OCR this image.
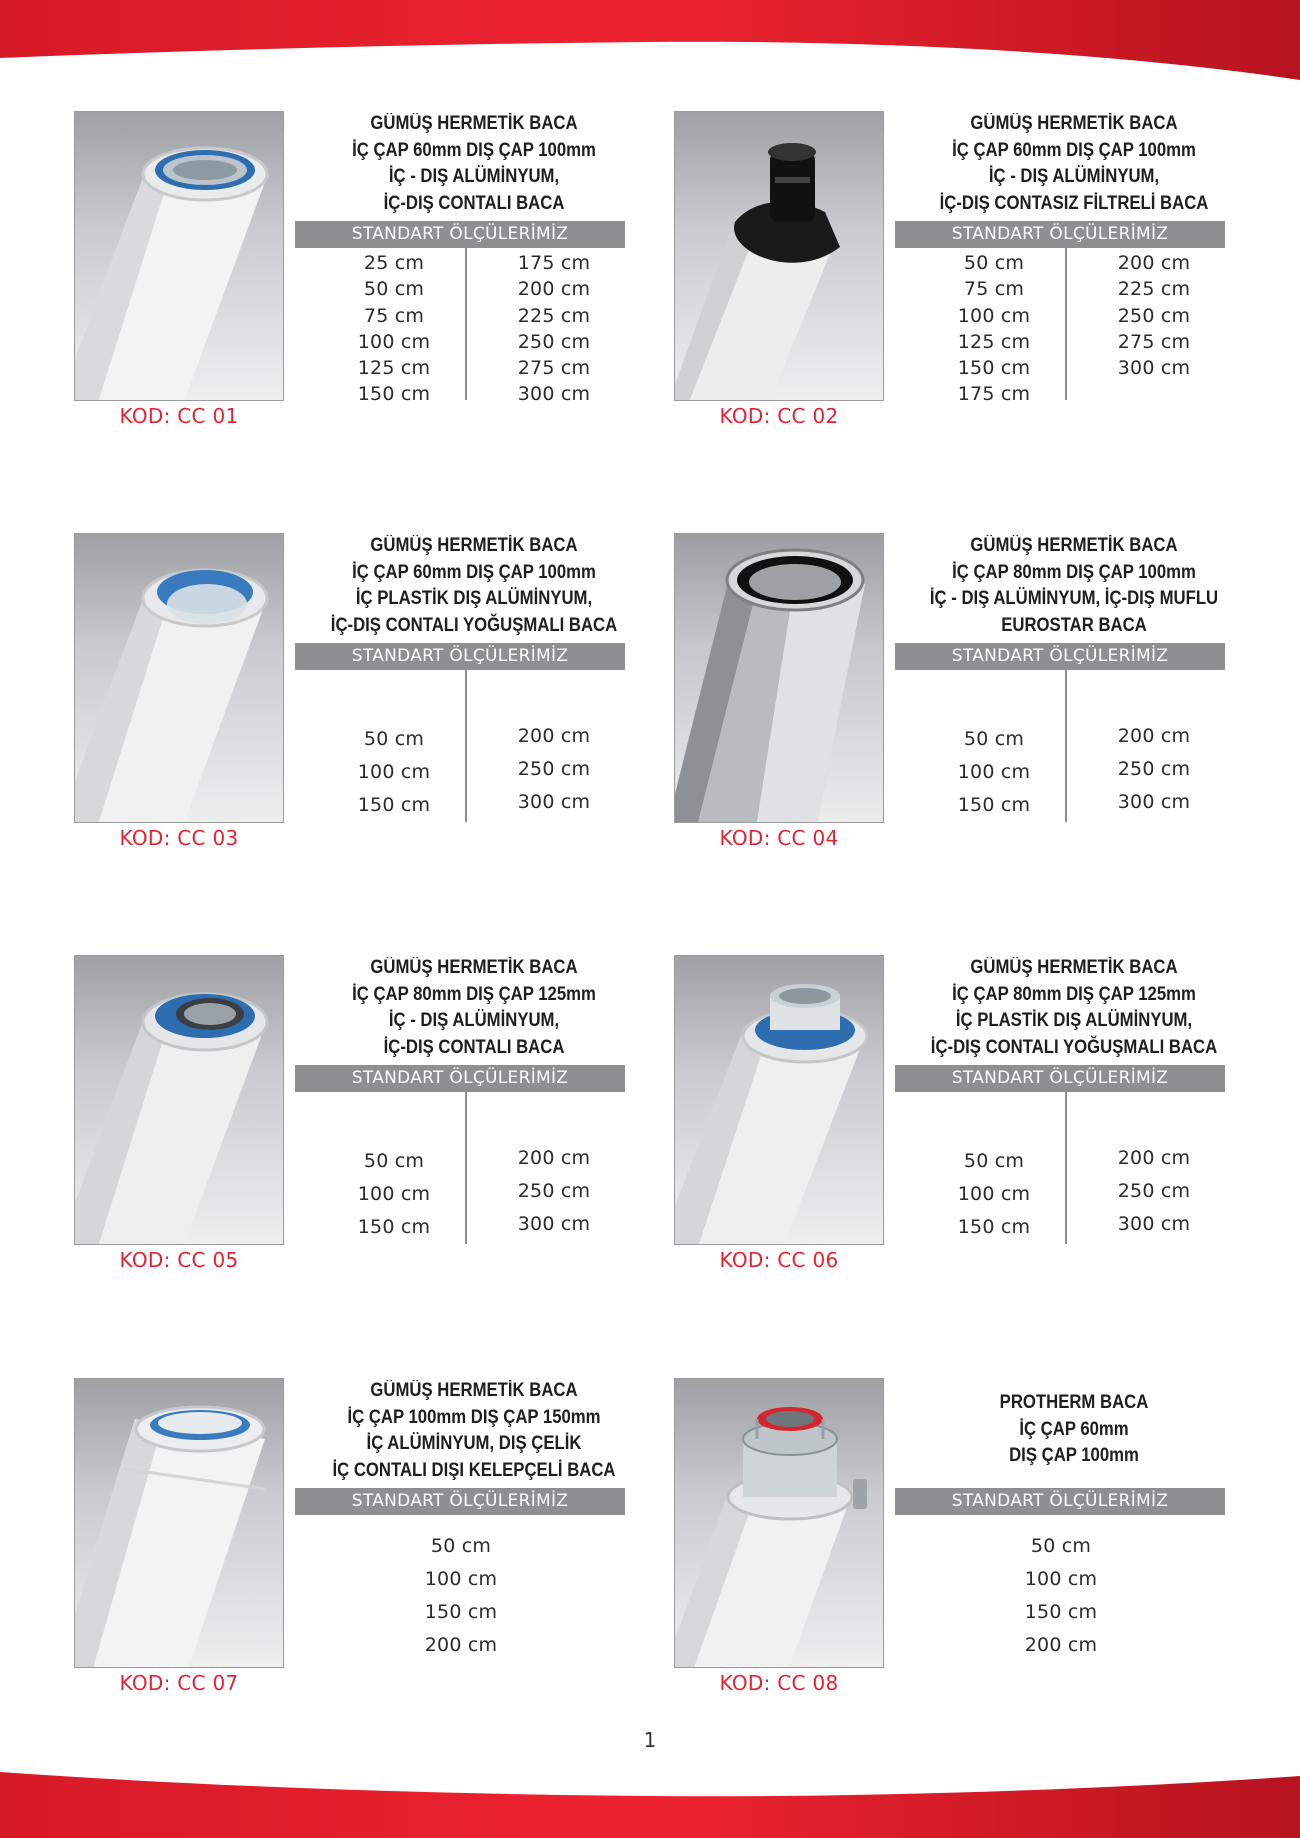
KOD: CC 01
GÜMÜŞ HERMETİK BACA
İÇ ÇAP 60mm DIŞ ÇAP 100mm
İÇ - DIŞ ALÜMİNYUM,
İÇ-DIŞ CONTALI BACA
STANDART ÖLÇÜLERİMİZ
25 cm
50 cm
75 cm
100 cm
125 cm
150 cm
175 cm
200 cm
225 cm
250 cm
275 cm
300 cm
KOD: CC 02
GÜMÜŞ HERMETİK BACA
İÇ ÇAP 60mm DIŞ ÇAP 100mm
İÇ - DIŞ ALÜMİNYUM,
İÇ-DIŞ CONTASIZ FİLTRELİ BACA
STANDART ÖLÇÜLERİMİZ
50 cm
75 cm
100 cm
125 cm
150 cm
175 cm
200 cm
225 cm
250 cm
275 cm
300 cm
KOD: CC 03
GÜMÜŞ HERMETİK BACA
İÇ ÇAP 60mm DIŞ ÇAP 100mm
İÇ PLASTİK DIŞ ALÜMİNYUM,
İÇ-DIŞ CONTALI YOĞUŞMALI BACA
STANDART ÖLÇÜLERİMİZ
50 cm
100 cm
150 cm
200 cm
250 cm
300 cm
KOD: CC 04
GÜMÜŞ HERMETİK BACA
İÇ ÇAP 80mm DIŞ ÇAP 100mm
İÇ - DIŞ ALÜMİNYUM, İÇ-DIŞ MUFLU
EUROSTAR BACA
STANDART ÖLÇÜLERİMİZ
50 cm
100 cm
150 cm
200 cm
250 cm
300 cm
KOD: CC 05
GÜMÜŞ HERMETİK BACA
İÇ ÇAP 80mm DIŞ ÇAP 125mm
İÇ - DIŞ ALÜMİNYUM,
İÇ-DIŞ CONTALI BACA
STANDART ÖLÇÜLERİMİZ
50 cm
100 cm
150 cm
200 cm
250 cm
300 cm
KOD: CC 06
GÜMÜŞ HERMETİK BACA
İÇ ÇAP 80mm DIŞ ÇAP 125mm
İÇ PLASTİK DIŞ ALÜMİNYUM,
İÇ-DIŞ CONTALI YOĞUŞMALI BACA
STANDART ÖLÇÜLERİMİZ
50 cm
100 cm
150 cm
200 cm
250 cm
300 cm
KOD: CC 07
GÜMÜŞ HERMETİK BACA
İÇ ÇAP 100mm DIŞ ÇAP 150mm
İÇ ALÜMİNYUM, DIŞ ÇELİK
İÇ CONTALI DIŞI KELEPÇELİ BACA
STANDART ÖLÇÜLERİMİZ
50 cm
100 cm
150 cm
200 cm
KOD: CC 08
PROTHERM BACA
İÇ ÇAP 60mm
DIŞ ÇAP 100mm
STANDART ÖLÇÜLERİMİZ
50 cm
100 cm
150 cm
200 cm
1
